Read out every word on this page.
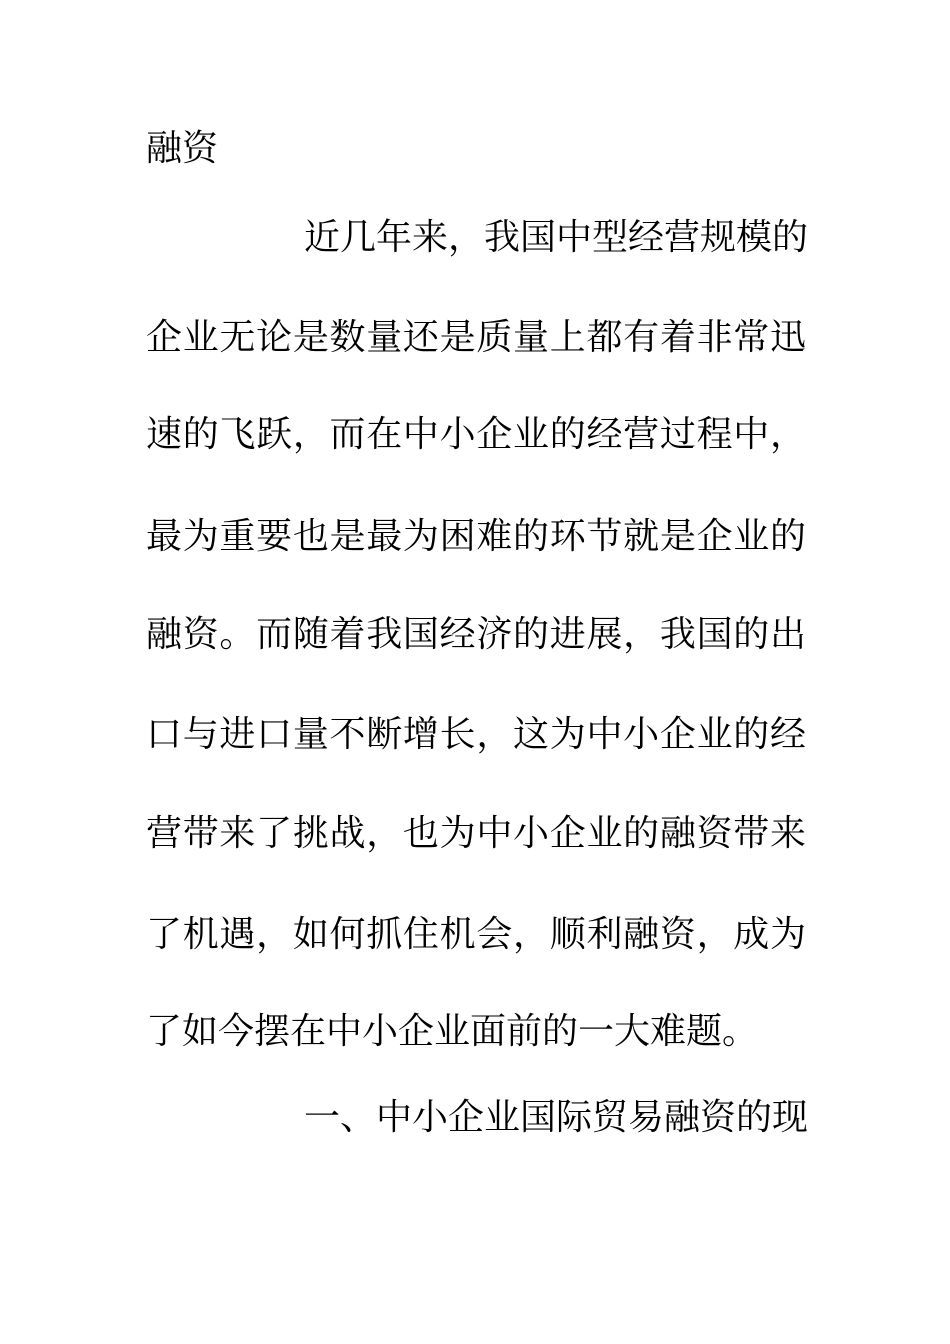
融资
近几年来，我国中型经营规模的
企业无论是数量还是质量上都有着非常迅
速的飞跃，而在中小企业的经营过程中，
最为重要也是最为困难的环节就是企业的
融资。而随着我国经济的进展，我国的出
口与进口量不断增长，这为中小企业的经
营带来了挑战，也为中小企业的融资带来
了机遇，如何抓住机会，顺利融资，成为
了如今摆在中小企业面前的一大难题。
一、中小企业国际贸易融资的现
